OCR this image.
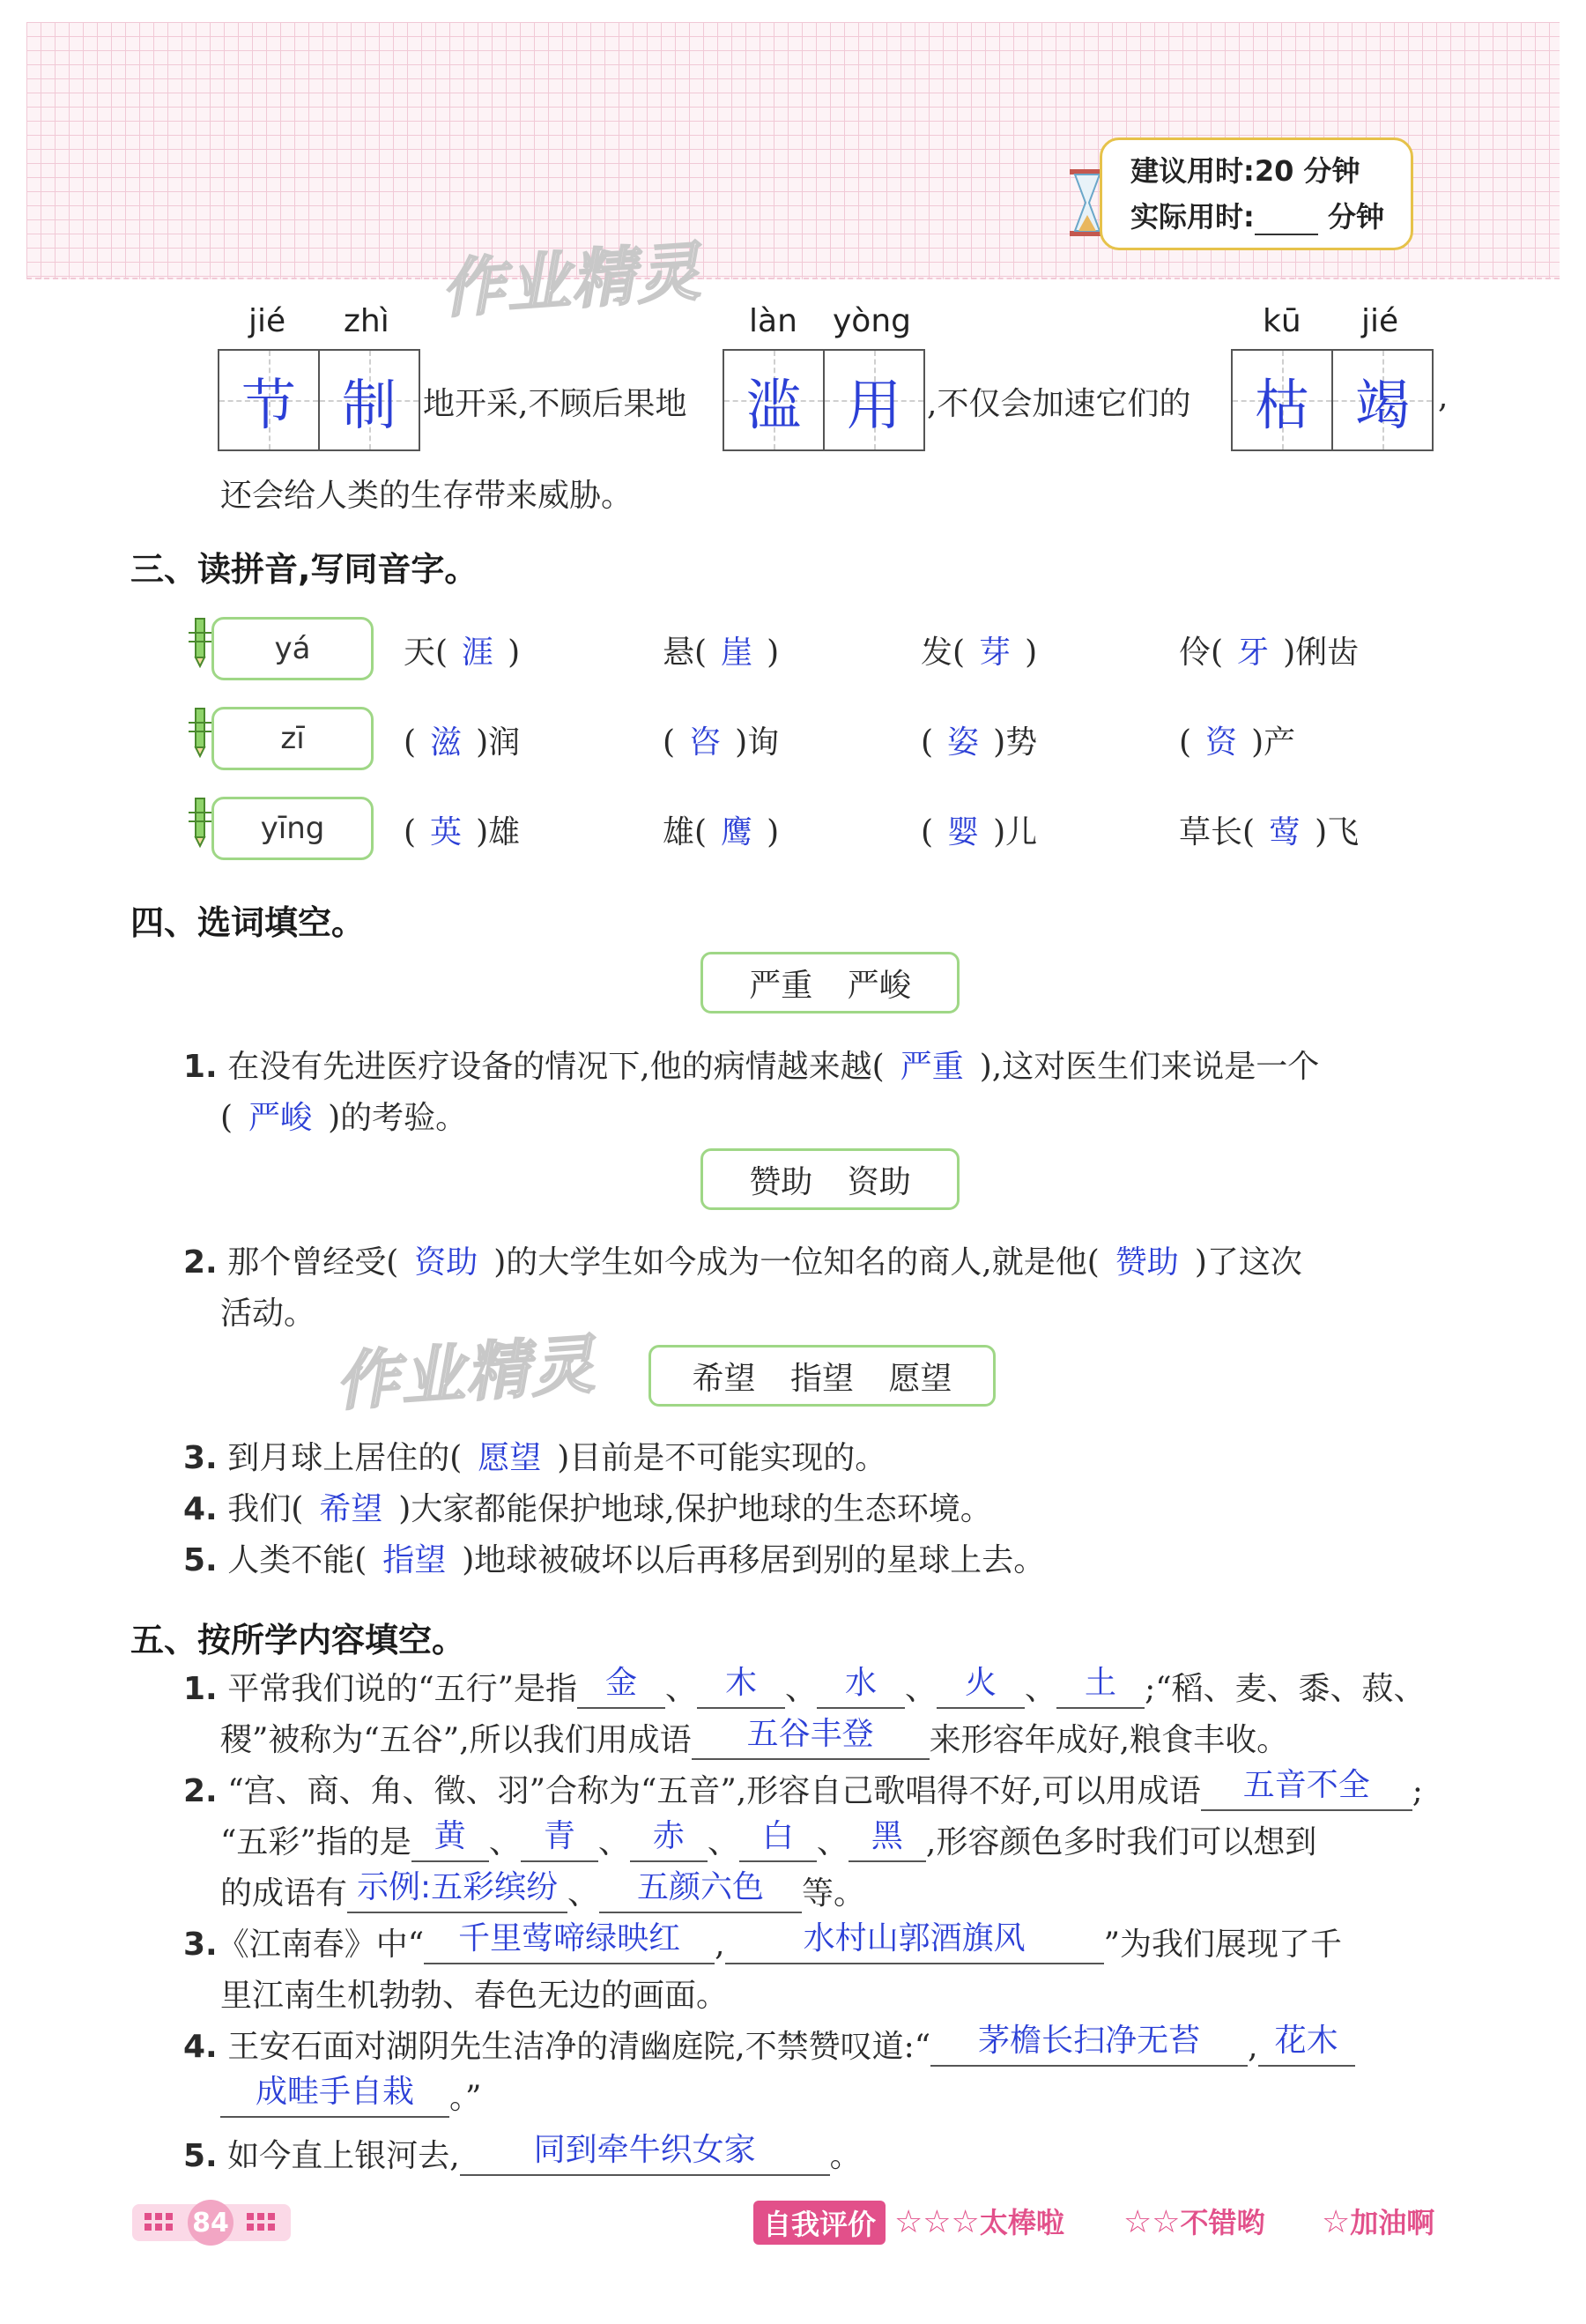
作业精灵
建议用时:20 分钟
实际用时:	分钟
jié zhì
节 制 地开采,不顾后果地
làn yòng
滥 用 ,不仅会加速它们的
kū jié
枯 竭 ,
还会给人类的生存带来威胁。
三、读拼音,写同音字。
yá	天( 涯 )	悬( 崖 )	发( 芽 )	伶( 牙 )俐齿
zī	( 滋 )润	( 咨 )询	( 姿 )势	( 资 )产
yīng	( 英 )雄	雄( 鹰 )	( 婴 )儿	草长( 莺 )飞
四、选词填空。
严重 严峻
1. 在没有先进医疗设备的情况下,他的病情越来越( 严重 ),这对医生们来说是一个
( 严峻 )的考验。
赞助 资助
2. 那个曾经受( 资助 )的大学生如今成为一位知名的商人,就是他( 赞助 )了这次
活动。
作业精灵	希望 指望 愿望
3. 到月球上居住的( 愿望 )目前是不可能实现的。
4. 我们( 希望 )大家都能保护地球,保护地球的生态环境。
5. 人类不能( 指望 )地球被破坏以后再移居到别的星球上去。
五、按所学内容填空。
1. 平常我们说的“五行”是指 金 、 木 、 水 、 火 、 土 ;“稻、麦、黍、菽、
稷”被称为“五谷”,所以我们用成语 五谷丰登 来形容年成好,粮食丰收。
2. “宫、商、角、徵、羽”合称为“五音”,形容自己歌唱得不好,可以用成语 五音不全 ;
“五彩”指的是 黄 、 青 、 赤 、 白 、 黑 ,形容颜色多时我们可以想到
的成语有 示例:五彩缤纷 、 五颜六色 等。
3.《江南春》中“ 千里莺啼绿映红 , 水村山郭酒旗风 ”为我们展现了千
里江南生机勃勃、春色无边的画面。
4. 王安石面对湖阴先生洁净的清幽庭院,不禁赞叹道:“ 茅檐长扫净无苔 , 花木
成畦手自栽 。”
5. 如今直上银河去, 同到牵牛织女家 。
84	自我评价 ☆☆☆太棒啦 ☆☆不错哟 ☆加油啊
